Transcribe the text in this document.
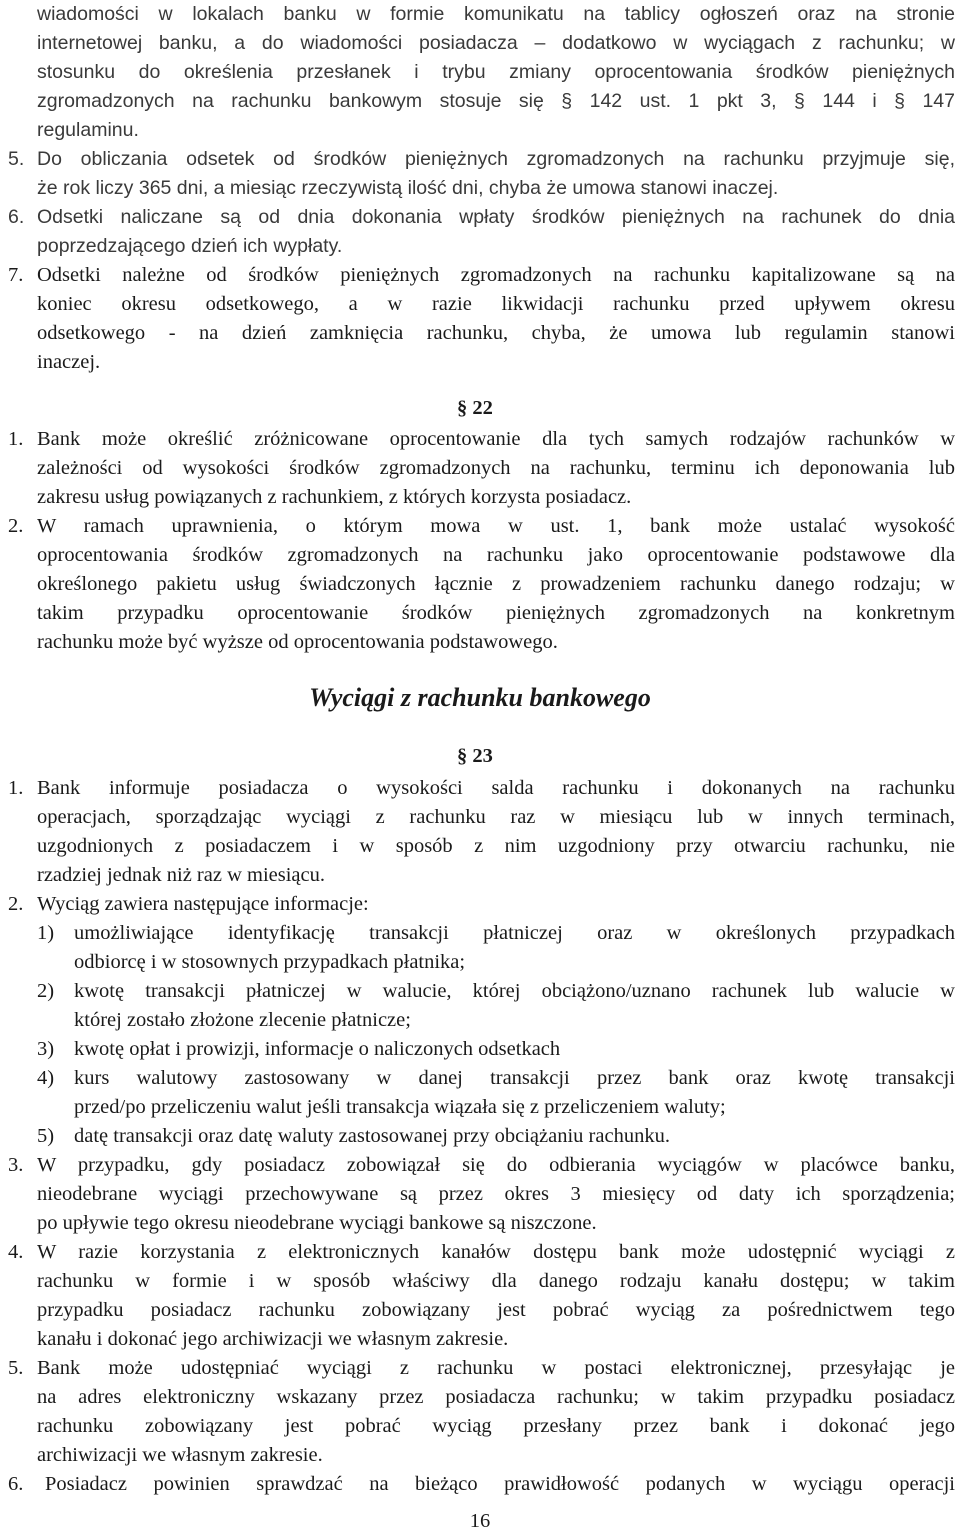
wiadomości w lokalach banku w formie komunikatu na tablicy ogłoszeń oraz na stronie
internetowej banku, a do wiadomości posiadacza – dodatkowo w wyciągach z rachunku; w
stosunku do określenia przesłanek i trybu zmiany oprocentowania środków pieniężnych
zgromadzonych na rachunku bankowym stosuje się § 142 ust. 1 pkt 3, § 144 i § 147
regulaminu.
5. Do obliczania odsetek od środków pieniężnych zgromadzonych na rachunku przyjmuje się,
że rok liczy 365 dni, a miesiąc rzeczywistą ilość dni, chyba że umowa stanowi inaczej.
6. Odsetki naliczane są od dnia dokonania wpłaty środków pieniężnych na rachunek do dnia
poprzedzającego dzień ich wypłaty.
7. Odsetki należne od środków pieniężnych zgromadzonych na rachunku kapitalizowane są na
koniec okresu odsetkowego, a w razie likwidacji rachunku przed upływem okresu
odsetkowego - na dzień zamknięcia rachunku, chyba, że umowa lub regulamin stanowi
inaczej.
§ 22
1. Bank może określić zróżnicowane oprocentowanie dla tych samych rodzajów rachunków w
zależności od wysokości środków zgromadzonych na rachunku, terminu ich deponowania lub
zakresu usług powiązanych z rachunkiem, z których korzysta posiadacz.
2. W ramach uprawnienia, o którym mowa w ust. 1, bank może ustalać wysokość
oprocentowania środków zgromadzonych na rachunku jako oprocentowanie podstawowe dla
określonego pakietu usług świadczonych łącznie z prowadzeniem rachunku danego rodzaju; w
takim przypadku oprocentowanie środków pieniężnych zgromadzonych na konkretnym
rachunku może być wyższe od oprocentowania podstawowego.
Wyciągi z rachunku bankowego
§ 23
1. Bank informuje posiadacza o wysokości salda rachunku i dokonanych na rachunku
operacjach, sporządzając wyciągi z rachunku raz w miesiącu lub w innych terminach,
uzgodnionych z posiadaczem i w sposób z nim uzgodniony przy otwarciu rachunku, nie
rzadziej jednak niż raz w miesiącu.
2. Wyciąg zawiera następujące informacje:
1) umożliwiające identyfikację transakcji płatniczej oraz w określonych przypadkach
odbiorcę i w stosownych przypadkach płatnika;
2) kwotę transakcji płatniczej w walucie, której obciążono/uznano rachunek lub walucie w
której zostało złożone zlecenie płatnicze;
3) kwotę opłat i prowizji, informacje o naliczonych odsetkach
4) kurs walutowy zastosowany w danej transakcji przez bank oraz kwotę transakcji
przed/po przeliczeniu walut jeśli transakcja wiązała się z przeliczeniem waluty;
5) datę transakcji oraz datę waluty zastosowanej przy obciążaniu rachunku.
3. W przypadku, gdy posiadacz zobowiązał się do odbierania wyciągów w placówce banku,
nieodebrane wyciągi przechowywane są przez okres 3 miesięcy od daty ich sporządzenia;
po upływie tego okresu nieodebrane wyciągi bankowe są niszczone.
4. W razie korzystania z elektronicznych kanałów dostępu bank może udostępnić wyciągi z
rachunku w formie i w sposób właściwy dla danego rodzaju kanału dostępu; w takim
przypadku posiadacz rachunku zobowiązany jest pobrać wyciąg za pośrednictwem tego
kanału i dokonać jego archiwizacji we własnym zakresie.
5. Bank może udostępniać wyciągi z rachunku w postaci elektronicznej, przesyłając je
na adres elektroniczny wskazany przez posiadacza rachunku; w takim przypadku posiadacz
rachunku zobowiązany jest pobrać wyciąg przesłany przez bank i dokonać jego
archiwizacji we własnym zakresie.
6. Posiadacz powinien sprawdzać na bieżąco prawidłowość podanych w wyciągu operacji
16
